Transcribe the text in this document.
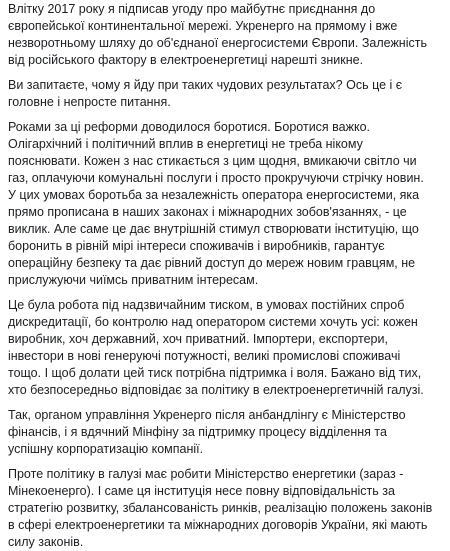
Влітку 2017 року я підписав угоду про майбутнє приєднання до
європейської континентальної мережі. Укренерго на прямому і вже
незворотньому шляху до об'єднаної енергосистеми Європи. Залежність
від російського фактору в електроенергетиці нарешті зникне.
Ви запитаєте, чому я йду при таких чудових результатах? Ось це і є
головне і непросте питання.
Роками за ці реформи доводилося боротися. Боротися важко.
Олігархічний і політичний вплив в енергетиці не треба нікому
пояснювати. Кожен з нас стикається з цим щодня, вмикаючи світло чи
газ, оплачуючи комунальні послуги і просто прокручуючи стрічку новин.
У цих умовах боротьба за незалежність оператора енергосистеми, яка
прямо прописана в наших законах і міжнародних зобов'язаннях, - це
виклик. Але саме це дає внутрішній стимул створювати інституцію, що
боронить в рівній мірі інтереси споживачів і виробників, гарантує
операційну безпеку та дає рівний доступ до мереж новим гравцям, не
прислужуючи чиїмсь приватним інтересам.
Це була робота під надзвичайним тиском, в умовах постійних спроб
дискредитації, бо контролю над оператором системи хочуть усі: кожен
виробник, хоч державний, хоч приватний. Імпортери, експортери,
інвестори в нові генеруючі потужності, великі промислові споживачі
тощо. І щоб долати цей тиск потрібна підтримка і воля. Бажано від тих,
хто безпосередньо відповідає за політику в електроенергетичній галузі.
Так, органом управління Укренерго після анбандлінгу є Міністерство
фінансів, і я вдячний Мінфіну за підтримку процесу відділення та
успішну корпоратизацію компанії.
Проте політику в галузі має робити Міністерство енергетики (зараз -
Мінекоенерго). І саме ця інституція несе повну відповідальність за
стратегію розвитку, збалансованість ринків, реалізацію положень законів
в сфері електроенергетики та міжнародних договорів України, які мають
силу законів.
